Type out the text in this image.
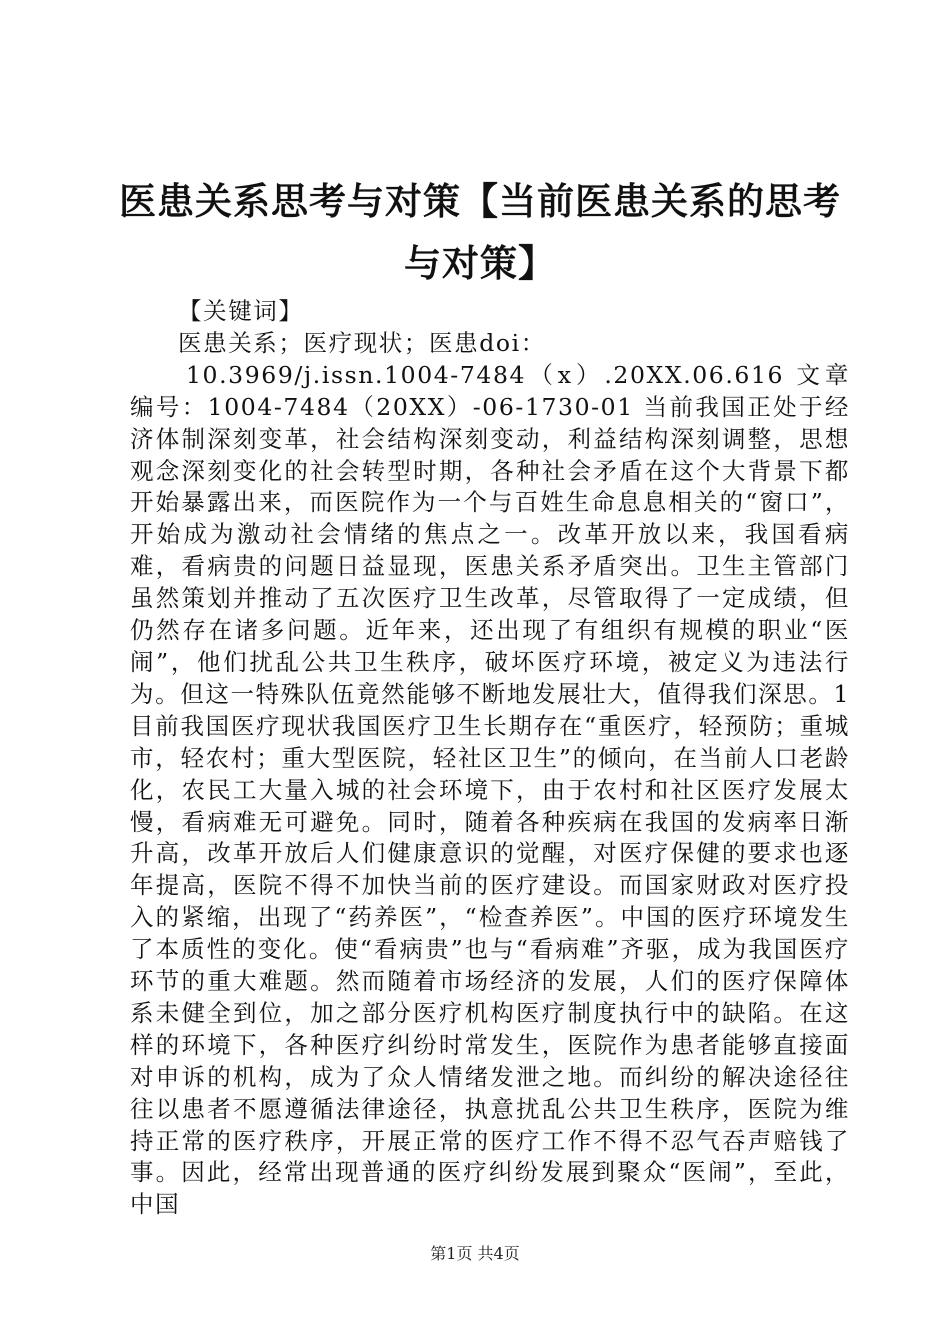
医患关系思考与对策【当前医患关系的思考与对策】

【关键词】

医患关系；医疗现状；医患doi：

10.3969/j.issn.1004-7484（x）.20XX.06.616 文章编号：1004-7484（20XX）-06-1730-01 当前我国正处于经济体制深刻变革，社会结构深刻变动，利益结构深刻调整，思想观念深刻变化的社会转型时期，各种社会矛盾在这个大背景下都开始暴露出来，而医院作为一个与百姓生命息息相关的“窗口”，开始成为激动社会情绪的焦点之一。改革开放以来，我国看病难，看病贵的问题日益显现，医患关系矛盾突出。卫生主管部门虽然策划并推动了五次医疗卫生改革，尽管取得了一定成绩，但仍然存在诸多问题。近年来，还出现了有组织有规模的职业“医闹”，他们扰乱公共卫生秩序，破坏医疗环境，被定义为违法行为。但这一特殊队伍竟然能够不断地发展壮大，值得我们深思。1 目前我国医疗现状我国医疗卫生长期存在“重医疗，轻预防；重城市，轻农村；重大型医院，轻社区卫生”的倾向，在当前人口老龄化，农民工大量入城的社会环境下，由于农村和社区医疗发展太慢，看病难无可避免。同时，随着各种疾病在我国的发病率日渐升高，改革开放后人们健康意识的觉醒，对医疗保健的要求也逐年提高，医院不得不加快当前的医疗建设。而国家财政对医疗投入的紧缩，出现了“药养医”，“检查养医”。中国的医疗环境发生了本质性的变化。使“看病贵”也与“看病难”齐驱，成为我国医疗环节的重大难题。然而随着市场经济的发展，人们的医疗保障体系未健全到位，加之部分医疗机构医疗制度执行中的缺陷。在这样的环境下，各种医疗纠纷时常发生，医院作为患者能够直接面对申诉的机构，成为了众人情绪发泄之地。而纠纷的解决途径往往以患者不愿遵循法律途径，执意扰乱公共卫生秩序，医院为维持正常的医疗秩序，开展正常的医疗工作不得不忍气吞声赔钱了事。因此，经常出现普通的医疗纠纷发展到聚众“医闹”，至此，中国

第1页 共4页
